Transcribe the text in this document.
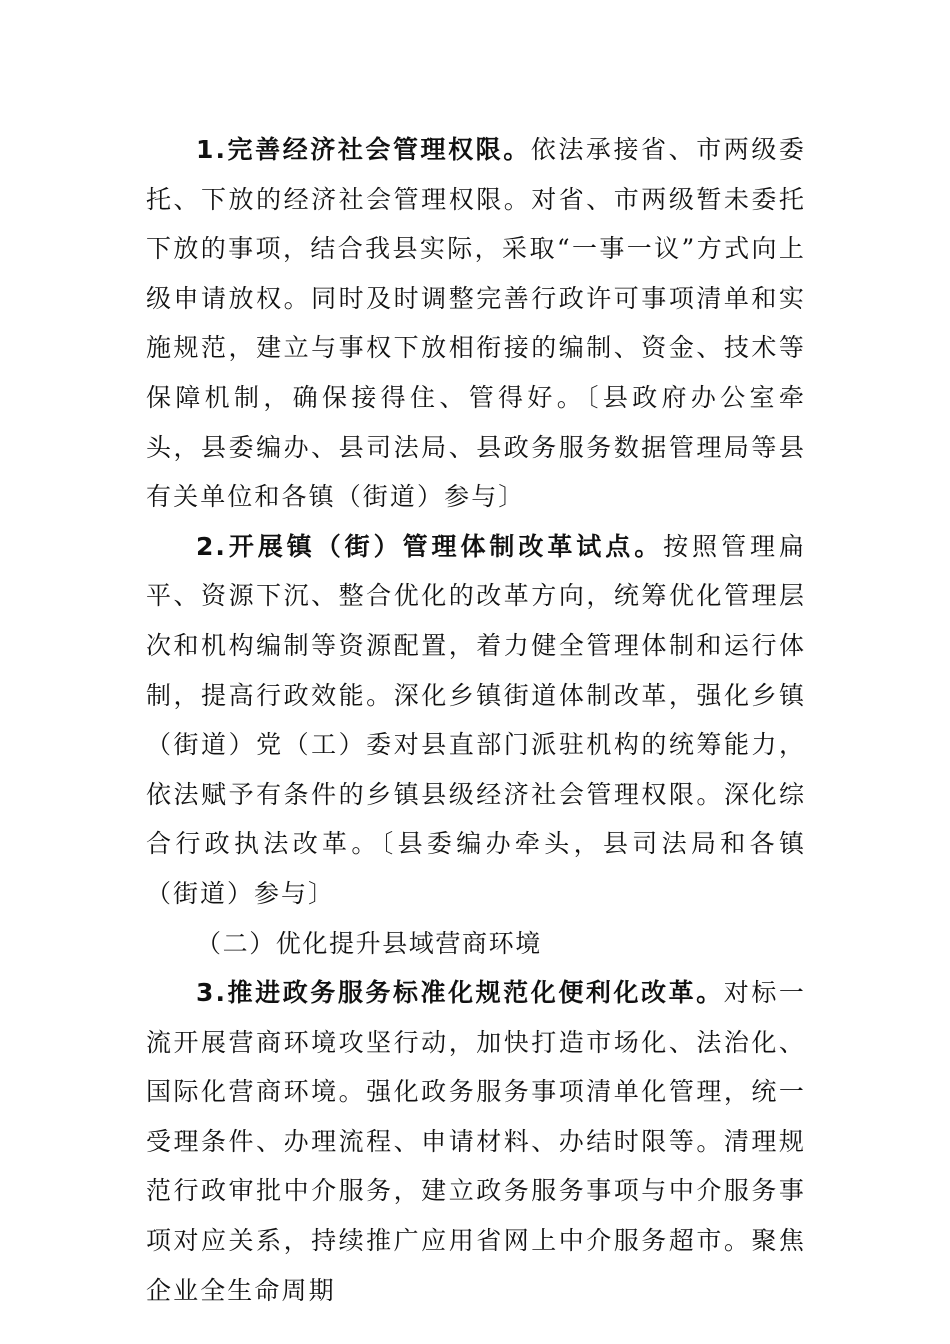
1.完善经济社会管理权限。依法承接省、市两级委托、下放的经济社会管理权限。对省、市两级暂未委托下放的事项，结合我县实际，采取“一事一议”方式向上级申请放权。同时及时调整完善行政许可事项清单和实施规范，建立与事权下放相衔接的编制、资金、技术等保障机制，确保接得住、管得好。〔县政府办公室牵头，县委编办、县司法局、县政务服务数据管理局等县有关单位和各镇（街道）参与〕

2.开展镇（街）管理体制改革试点。按照管理扁平、资源下沉、整合优化的改革方向，统筹优化管理层次和机构编制等资源配置，着力健全管理体制和运行体制，提高行政效能。深化乡镇街道体制改革，强化乡镇（街道）党（工）委对县直部门派驻机构的统筹能力，依法赋予有条件的乡镇县级经济社会管理权限。深化综合行政执法改革。〔县委编办牵头，县司法局和各镇（街道）参与〕

（二）优化提升县域营商环境

3.推进政务服务标准化规范化便利化改革。对标一流开展营商环境攻坚行动，加快打造市场化、法治化、国际化营商环境。强化政务服务事项清单化管理，统一受理条件、办理流程、申请材料、办结时限等。清理规范行政审批中介服务，建立政务服务事项与中介服务事项对应关系，持续推广应用省网上中介服务超市。聚焦企业全生命周期
